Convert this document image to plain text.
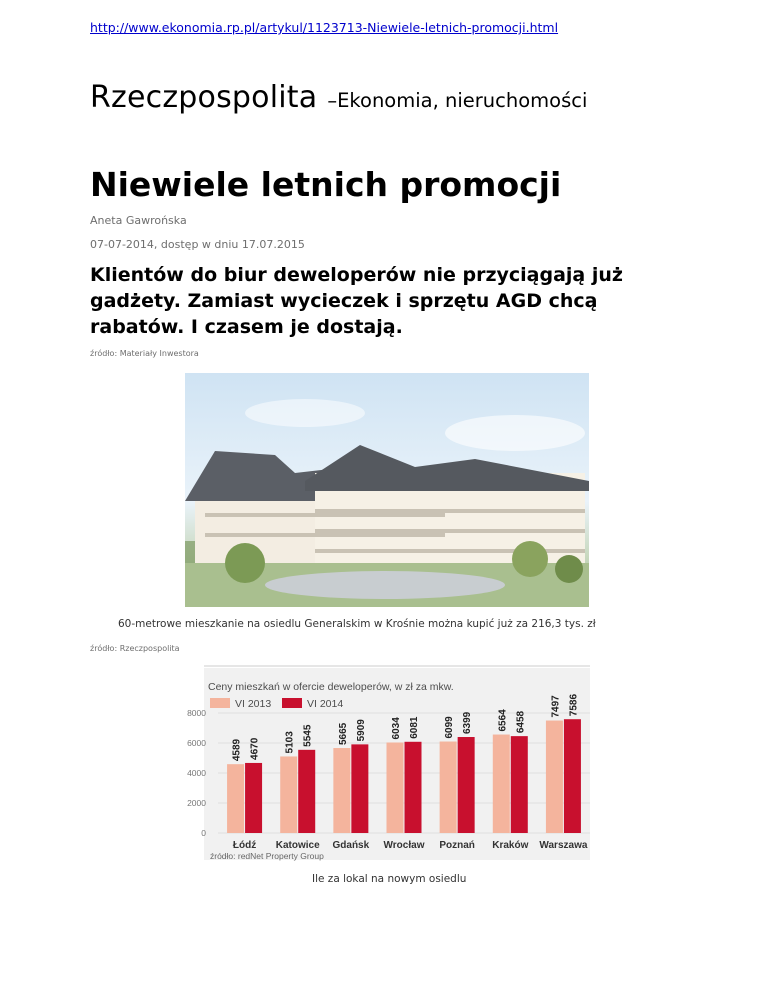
http://www.ekonomia.rp.pl/artykul/1123713-Niewiele-letnich-promocji.html
Rzeczpospolita –Ekonomia, nieruchomości
Niewiele letnich promocji
Aneta Gawrońska
07-07-2014, dostęp w dniu 17.07.2015

Klientów do biur deweloperów nie przyciągają już gadżety. Zamiast wycieczek i sprzętu AGD chcą rabatów. I czasem je dostają.

źródło: Materiały Inwestora
60-metrowe mieszkanie na osiedlu Generalskim w Krośnie można kupić już za 216,3 tys. zł
źródło: Rzeczpospolita
Ceny mieszkań w ofercie deweloperów, w zł za mkw.
VI 2013	VI 2014
8000
6000
4000
2000
0
4589 4670
Łódź
5103 5545
Katowice
5665 5909
Gdańsk
6034 6081
Wrocław
6099 6399
Poznań
6564 6458
Kraków
7497 7586
Warszawa
źródło: redNet Property Group
Ile za lokal na nowym osiedlu
